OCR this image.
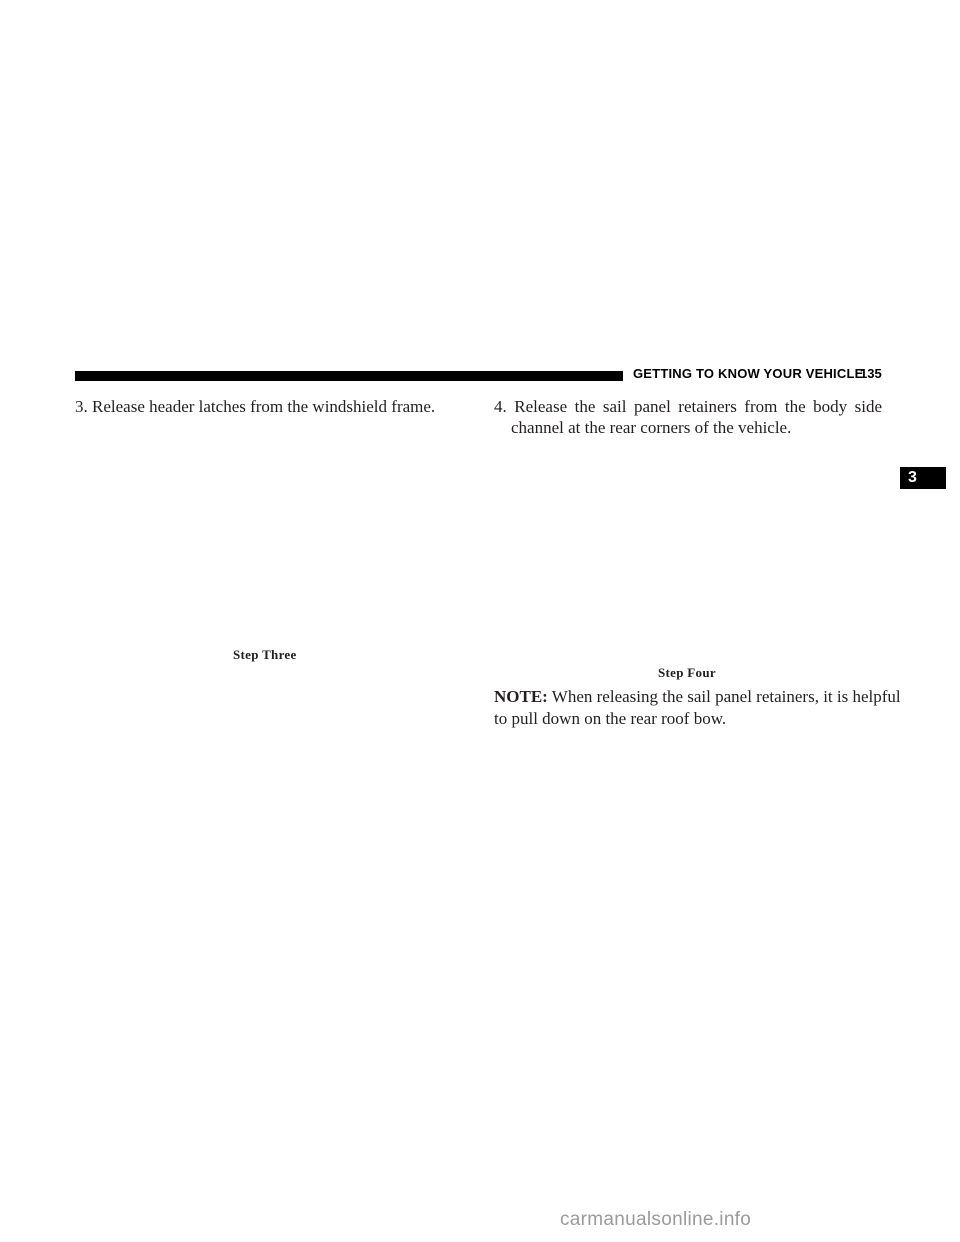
GETTING TO KNOW YOUR VEHICLE
135
3
3. Release header latches from the windshield frame.	4. Release the sail panel retainers from the body side
channel at the rear corners of the vehicle.
Step Three
Step Four
NOTE: When releasing the sail panel retainers, it is helpful
to pull down on the rear roof bow.
carmanualsonline.info
